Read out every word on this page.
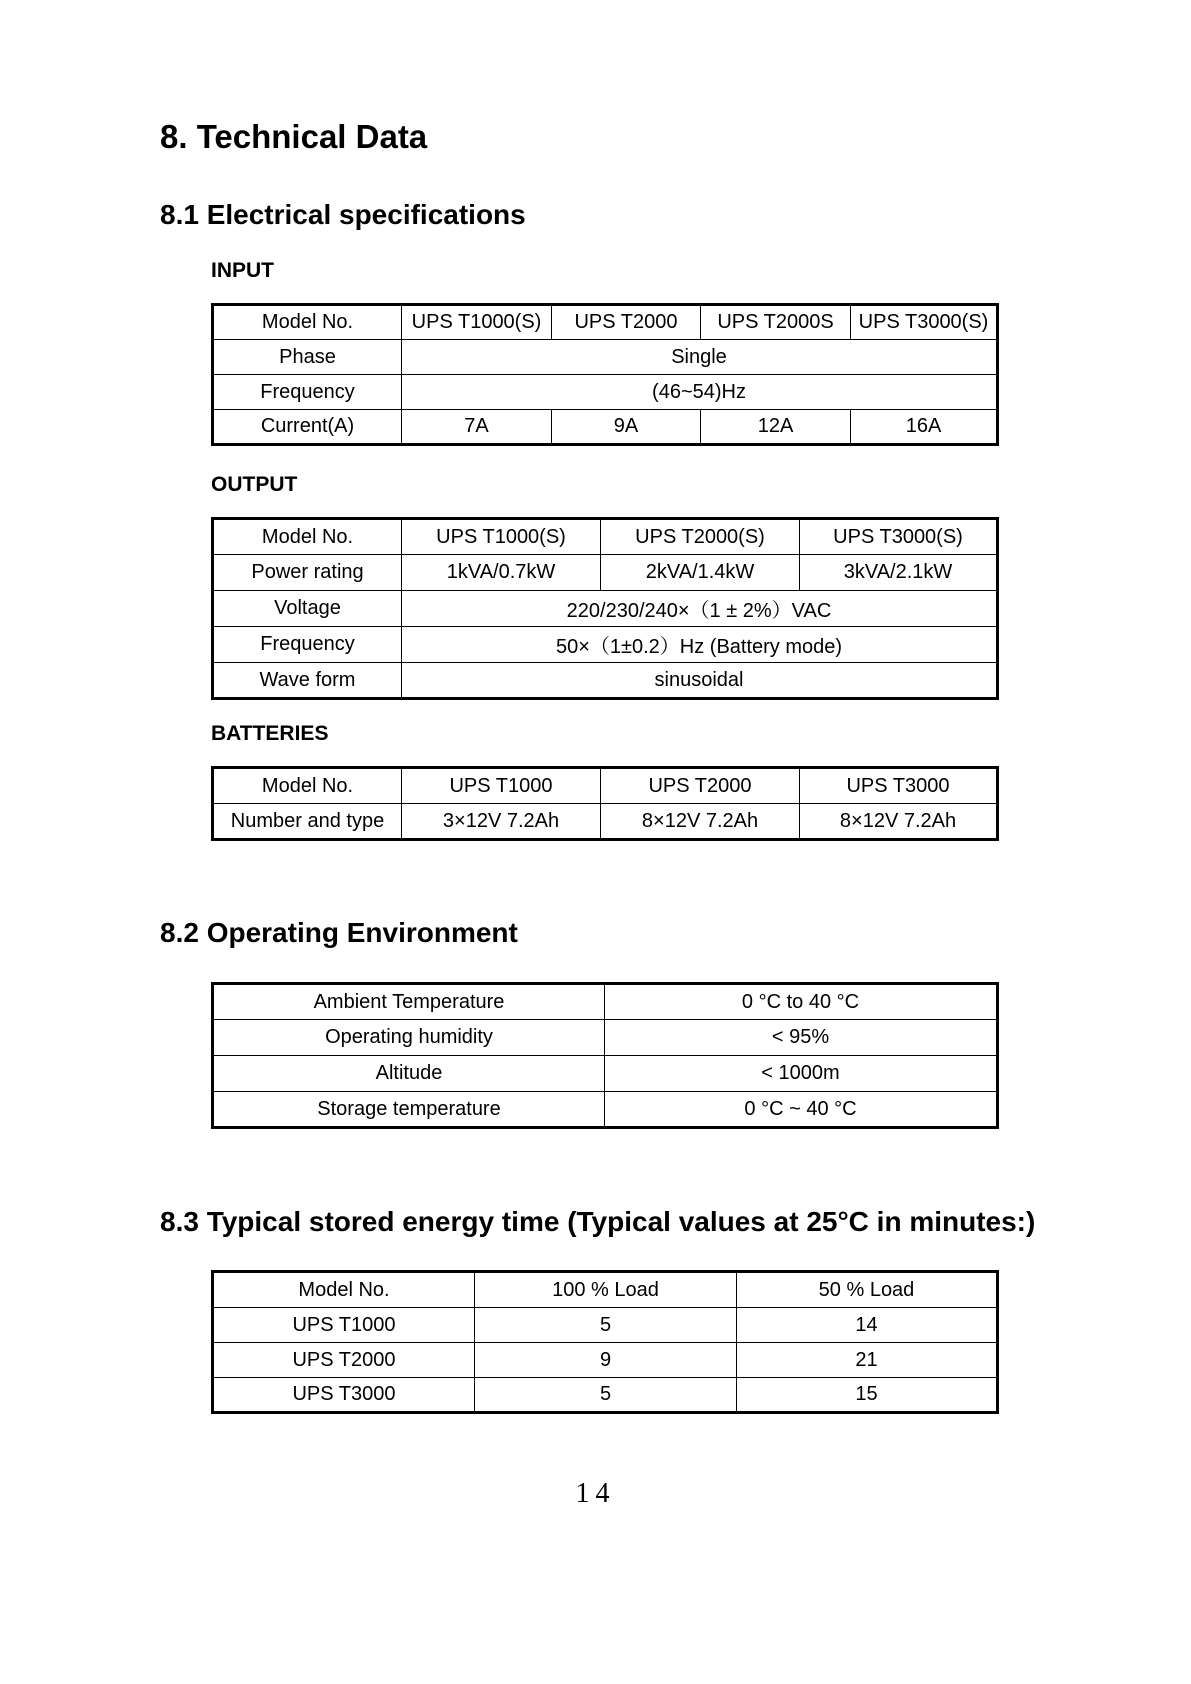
8. Technical Data
8.1 Electrical specifications
INPUT
Model No.	UPS T1000(S)	UPS T2000	UPS T2000S	UPS T3000(S)
Phase	Single			
Frequency	(46~54)Hz			
Current(A)	7A	9A	12A	16A
OUTPUT
Model No.	UPS T1000(S)	UPS T2000(S)	UPS T3000(S)
Power rating	1kVA/0.7kW	2kVA/1.4kW	3kVA/2.1kW
Voltage	220/230/240×（1 ± 2%）VAC		
Frequency	50×（1±0.2）Hz (Battery mode)		
Wave form	sinusoidal		
BATTERIES
Model No.	UPS T1000	UPS T2000	UPS T3000
Number and type	3×12V 7.2Ah	8×12V 7.2Ah	8×12V 7.2Ah
8.2 Operating Environment
Ambient Temperature	0 °C to 40 °C
Operating humidity	< 95%
Altitude	< 1000m
Storage temperature	0 °C ~ 40 °C
8.3 Typical stored energy time (Typical values at 25°C in minutes:)
Model No.	100 % Load	50 % Load
UPS T1000	5	14
UPS T2000	9	21
UPS T3000	5	15
14
